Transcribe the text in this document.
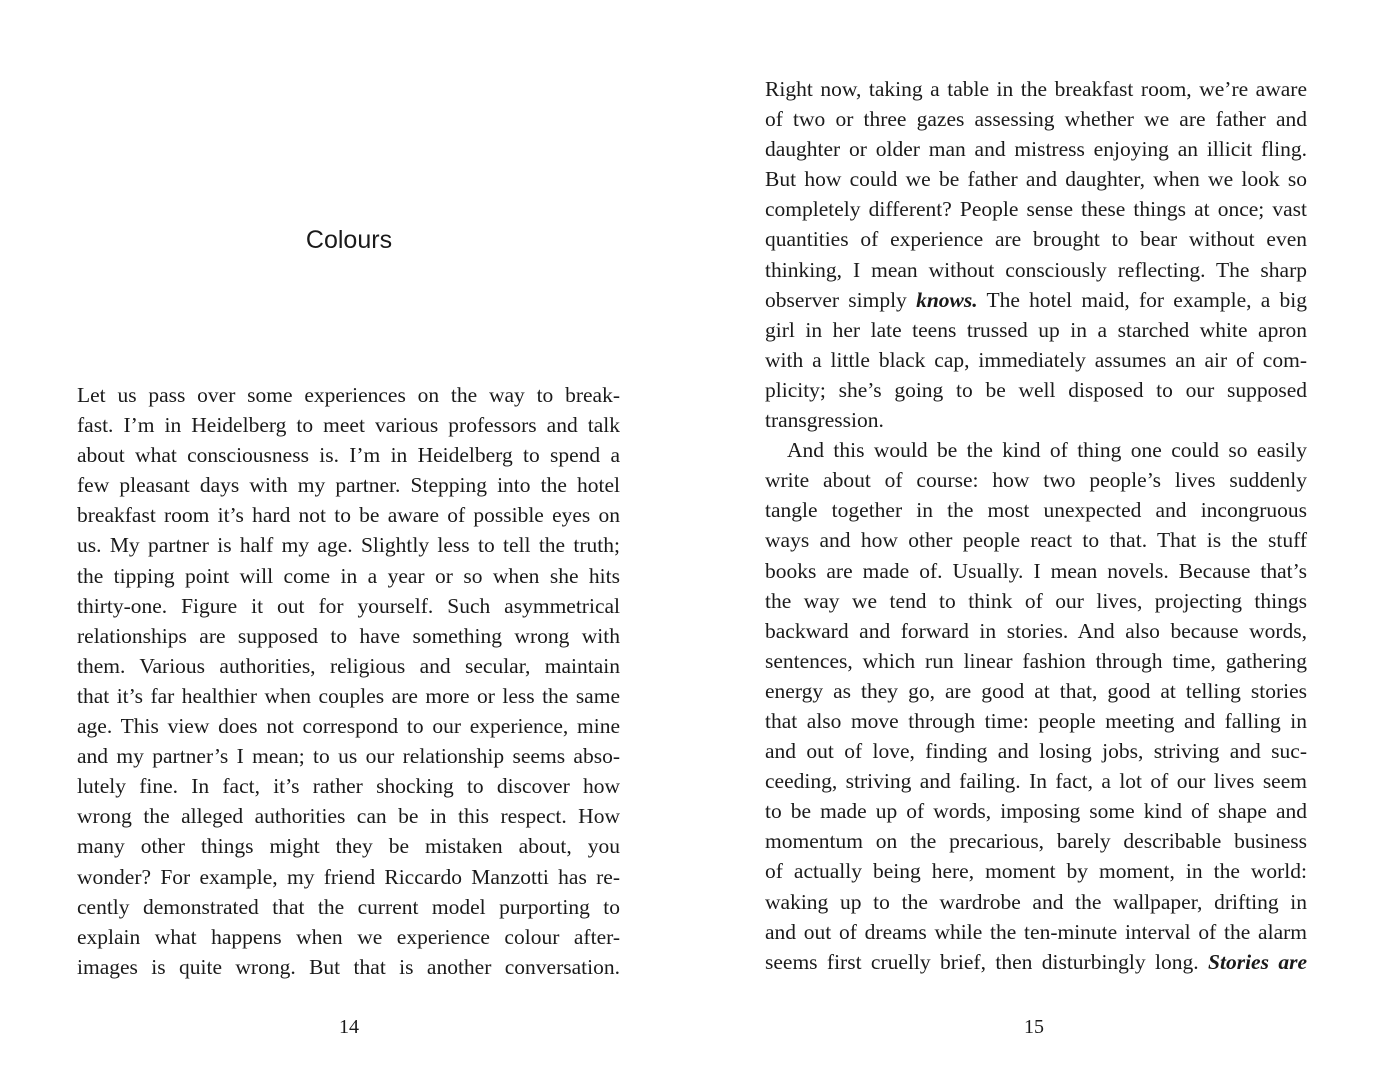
Colours
Let us pass over some experiences on the way to break-
fast. I’m in Heidelberg to meet various professors and talk
about what consciousness is. I’m in Heidelberg to spend a
few pleasant days with my partner. Stepping into the hotel
breakfast room it’s hard not to be aware of possible eyes on
us. My partner is half my age. Slightly less to tell the truth;
the tipping point will come in a year or so when she hits
thirty-one. Figure it out for yourself. Such asymmetrical
relationships are supposed to have something wrong with
them. Various authorities, religious and secular, maintain
that it’s far healthier when couples are more or less the same
age. This view does not correspond to our experience, mine
and my partner’s I mean; to us our relationship seems abso-
lutely fine. In fact, it’s rather shocking to discover how
wrong the alleged authorities can be in this respect. How
many other things might they be mistaken about, you
wonder? For example, my friend Riccardo Manzotti has re-
cently demonstrated that the current model purporting to
explain what happens when we experience colour after-
images is quite wrong. But that is another conversation.
14
Right now, taking a table in the breakfast room, we’re aware
of two or three gazes assessing whether we are father and
daughter or older man and mistress enjoying an illicit fling.
But how could we be father and daughter, when we look so
completely different? People sense these things at once; vast
quantities of experience are brought to bear without even
thinking, I mean without consciously reflecting. The sharp
observer simply knows. The hotel maid, for example, a big
girl in her late teens trussed up in a starched white apron
with a little black cap, immediately assumes an air of com-
plicity; she’s going to be well disposed to our supposed
transgression.
And this would be the kind of thing one could so easily
write about of course: how two people’s lives suddenly
tangle together in the most unexpected and incongruous
ways and how other people react to that. That is the stuff
books are made of. Usually. I mean novels. Because that’s
the way we tend to think of our lives, projecting things
backward and forward in stories. And also because words,
sentences, which run linear fashion through time, gathering
energy as they go, are good at that, good at telling stories
that also move through time: people meeting and falling in
and out of love, finding and losing jobs, striving and suc-
ceeding, striving and failing. In fact, a lot of our lives seem
to be made up of words, imposing some kind of shape and
momentum on the precarious, barely describable business
of actually being here, moment by moment, in the world:
waking up to the wardrobe and the wallpaper, drifting in
and out of dreams while the ten-minute interval of the alarm
seems first cruelly brief, then disturbingly long. Stories are
15
